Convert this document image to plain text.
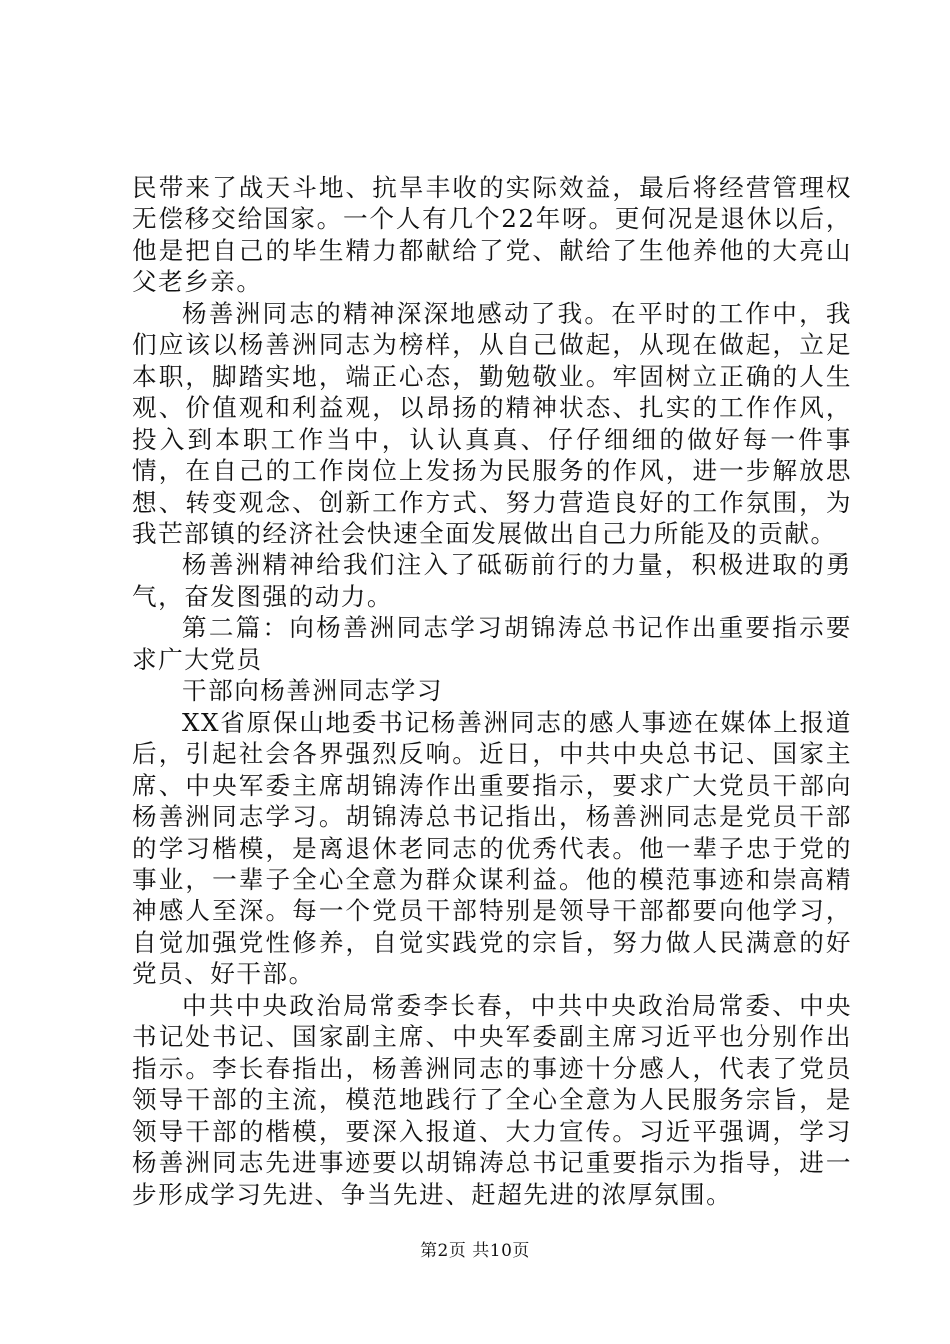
民带来了战天斗地、抗旱丰收的实际效益，最后将经营管理权无偿移交给国家。一个人有几个22年呀。更何况是退休以后，他是把自己的毕生精力都献给了党、献给了生他养他的大亮山父老乡亲。

杨善洲同志的精神深深地感动了我。在平时的工作中，我们应该以杨善洲同志为榜样，从自己做起，从现在做起，立足本职，脚踏实地，端正心态，勤勉敬业。牢固树立正确的人生观、价值观和利益观，以昂扬的精神状态、扎实的工作作风，投入到本职工作当中，认认真真、仔仔细细的做好每一件事情，在自己的工作岗位上发扬为民服务的作风，进一步解放思想、转变观念、创新工作方式、努力营造良好的工作氛围，为我芒部镇的经济社会快速全面发展做出自己力所能及的贡献。

杨善洲精神给我们注入了砥砺前行的力量，积极进取的勇气，奋发图强的动力。

第二篇：向杨善洲同志学习胡锦涛总书记作出重要指示要求广大党员

干部向杨善洲同志学习

XX省原保山地委书记杨善洲同志的感人事迹在媒体上报道后，引起社会各界强烈反响。近日，中共中央总书记、国家主席、中央军委主席胡锦涛作出重要指示，要求广大党员干部向杨善洲同志学习。胡锦涛总书记指出，杨善洲同志是党员干部的学习楷模，是离退休老同志的优秀代表。他一辈子忠于党的事业，一辈子全心全意为群众谋利益。他的模范事迹和崇高精神感人至深。每一个党员干部特别是领导干部都要向他学习，自觉加强党性修养，自觉实践党的宗旨，努力做人民满意的好党员、好干部。

中共中央政治局常委李长春，中共中央政治局常委、中央书记处书记、国家副主席、中央军委副主席习近平也分别作出指示。李长春指出，杨善洲同志的事迹十分感人，代表了党员领导干部的主流，模范地践行了全心全意为人民服务宗旨，是领导干部的楷模，要深入报道、大力宣传。习近平强调，学习杨善洲同志先进事迹要以胡锦涛总书记重要指示为指导，进一步形成学习先进、争当先进、赶超先进的浓厚氛围。

第2页 共10页
